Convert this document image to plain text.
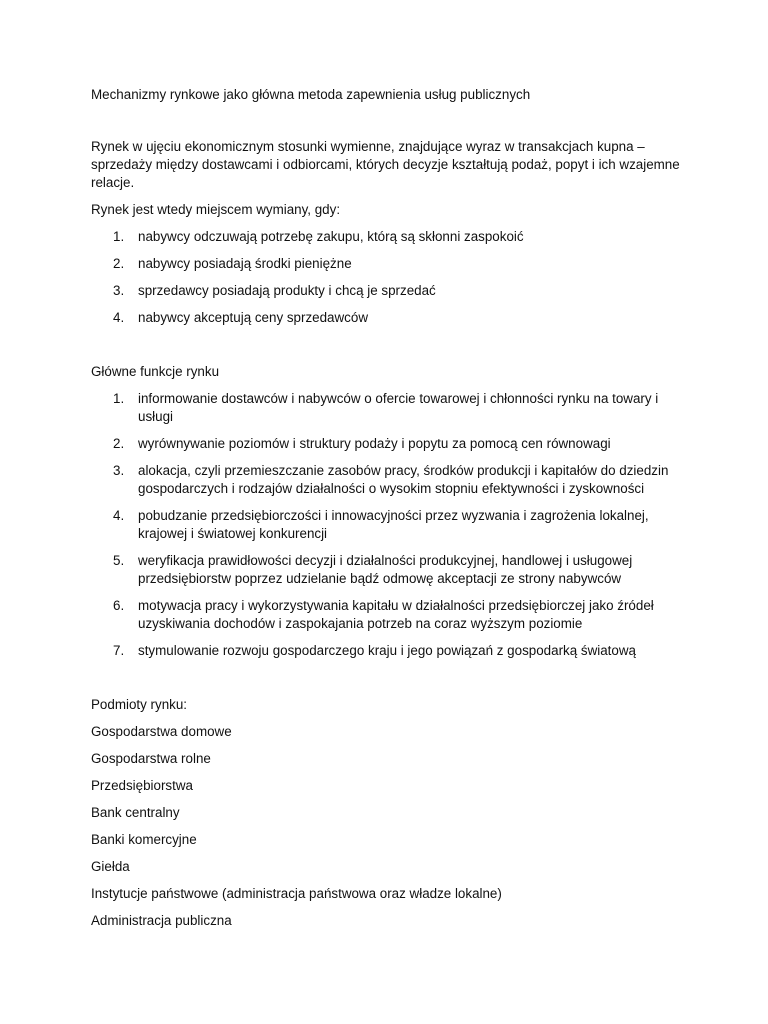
Mechanizmy rynkowe jako główna metoda zapewnienia usług publicznych

Rynek w ujęciu ekonomicznym stosunki wymienne, znajdujące wyraz w transakcjach kupna – sprzedaży między dostawcami i odbiorcami, których decyzje kształtują podaż, popyt i ich wzajemne relacje.

Rynek jest wtedy miejscem wymiany, gdy:

1. nabywcy odczuwają potrzebę zakupu, którą są skłonni zaspokoić
2. nabywcy posiadają środki pieniężne
3. sprzedawcy posiadają produkty i chcą je sprzedać
4. nabywcy akceptują ceny sprzedawców

Główne funkcje rynku

1. informowanie dostawców i nabywców o ofercie towarowej i chłonności rynku na towary i usługi
2. wyrównywanie poziomów i struktury podaży i popytu za pomocą cen równowagi
3. alokacja, czyli przemieszczanie zasobów pracy, środków produkcji i kapitałów do dziedzin gospodarczych i rodzajów działalności o wysokim stopniu efektywności i zyskowności
4. pobudzanie przedsiębiorczości i innowacyjności przez wyzwania i zagrożenia lokalnej, krajowej i światowej konkurencji
5. weryfikacja prawidłowości decyzji i działalności produkcyjnej, handlowej i usługowej przedsiębiorstw poprzez udzielanie bądź odmowę akceptacji ze strony nabywców
6. motywacja pracy i wykorzystywania kapitału w działalności przedsiębiorczej jako źródeł uzyskiwania dochodów i zaspokajania potrzeb na coraz wyższym poziomie
7. stymulowanie rozwoju gospodarczego kraju i jego powiązań z gospodarką światową

Podmioty rynku:

Gospodarstwa domowe

Gospodarstwa rolne

Przedsiębiorstwa

Bank centralny

Banki komercyjne

Giełda

Instytucje państwowe (administracja państwowa oraz władze lokalne)

Administracja publiczna
